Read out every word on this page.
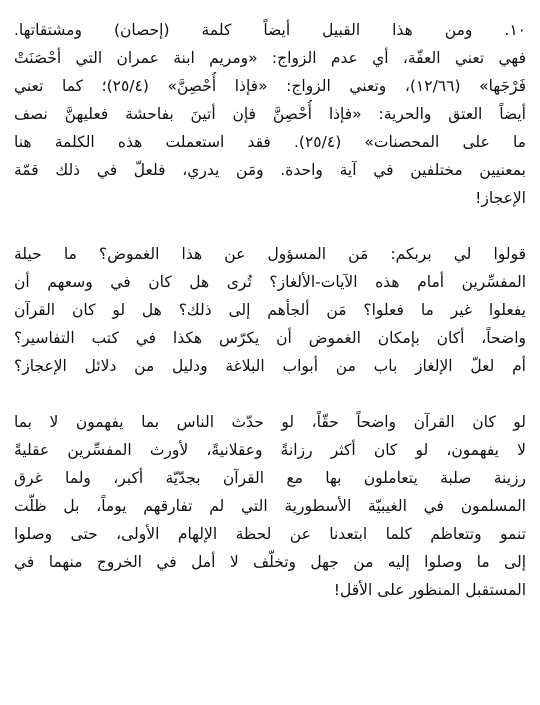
١٠. ومن هذا القبيل أيضاً كلمة (إحصان) ومشتقاتها.
فهي تعني العفّة، أي عدم الزواج: «ومريم ابنة عمران التي أحْصَنَتْ
فَرْجَها» (١٢/٦٦)، وتعني الزواج: «فإذا أُحْصِنَّ» (٢٥/٤)؛ كما تعني
أيضاً العتق والحرية: «فإذا أُحْصِنَّ فإن أتينَ بفاحشة فعليهنَّ نصف
ما على المحصنات» (٢٥/٤). فقد استعملت هذه الكلمة هنا
بمعنيين مختلفين في آية واحدة. ومَن يدري، فلعلّ في ذلك قمّة
الإعجاز!
قولوا لي بربكم: مَن المسؤول عن هذا الغموض؟ ما حيلة
المفسِّرين أمام هذه الآيات-الألغاز؟ تُرى هل كان في وسعهم أن
يفعلوا غير ما فعلوا؟ مَن ألجأهم إلى ذلك؟ هل لو كان القرآن
واضحاً، أكان بإمكان الغموض أن يكرّس هكذا في كتب التفاسير؟
أم لعلّ الإلغاز باب من أبواب البلاغة ودليل من دلائل الإعجاز؟
لو كان القرآن واضحاً حقّاً، لو حدّث الناس بما يفهمون لا بما
لا يفهمون، لو كان أكثر رزانةً وعقلانيةً، لأورث المفسِّرين عقليةً
رزينة صلبة يتعاملون بها مع القرآن بجدّيّة أكبر، ولما غرق
المسلمون في الغيبيّة الأسطورية التي لم تفارقهم يوماً، بل ظلّت
تنمو وتتعاظم كلما ابتعدنا عن لحظة الإلهام الأولى، حتى وصلوا
إلى ما وصلوا إليه من جهل وتخلّف لا أمل في الخروج منهما في
المستقبل المنظور على الأقل!
